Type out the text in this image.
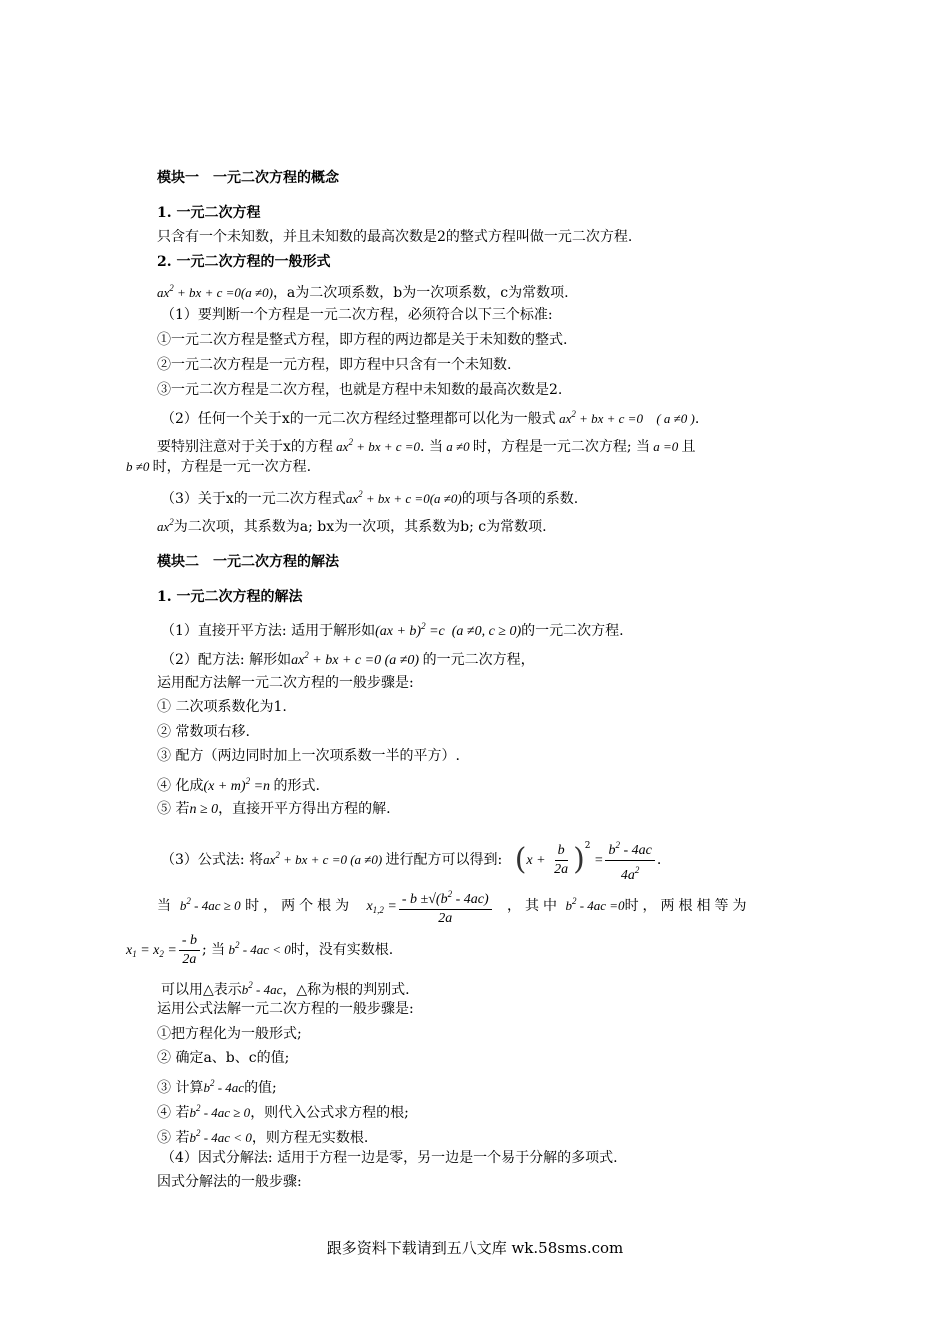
模块一　一元二次方程的概念
1. 一元二次方程
只含有一个未知数，并且未知数的最高次数是2的整式方程叫做一元二次方程.
2. 一元二次方程的一般形式
$ax^2$ + bx + c =0(a ≠0)，a为二次项系数，b为一次项系数，c为常数项.
（1）要判断一个方程是一元二次方程，必须符合以下三个标准:
①一元二次方程是整式方程，即方程的两边都是关于未知数的整式.
②一元二次方程是一元方程，即方程中只含有一个未知数.
③一元二次方程是二次方程，也就是方程中未知数的最高次数是2.
（2）任何一个关于x的一元二次方程经过整理都可以化为一般式 $ax^2$ + bx + c =0 ( a ≠0 ).
要特别注意对于关于x的方程 $ax^2$ + bx + c =0. 当 a ≠0 时，方程是一元二次方程; 当 a =0 且
b ≠0 时，方程是一元一次方程.
（3）关于x的一元二次方程式$ax^2$ + bx + c =0(a ≠0)的项与各项的系数.
$ax^2$为二次项，其系数为a; bx为一次项，其系数为b; c为常数项.
模块二　一元二次方程的解法
1. 一元二次方程的解法
（1）直接开平方法: 适用于解形如(ax + b)$^2$ =c  (a ≠0, c ≥ 0)的一元二次方程.
（2）配方法: 解形如$ax^2$ + bx + c =0 (a ≠0) 的一元二次方程，
运用配方法解一元二次方程的一般步骤是:
① 二次项系数化为1.
② 常数项右移.
③ 配方（两边同时加上一次项系数一半的平方）.
④ 化成$(x + m)^2 =n$ 的形式.
⑤ 若n ≥ 0，直接开平方得出方程的解.
（3）公式法: 将$ax^2$ + bx + c =0 (a ≠0) 进行配方可以得到: $(x + \frac{b}{2a} )^2 = \frac{b^2 - 4ac}{4a^2}$ .
当 $b^2 - 4ac \ge 0$ 时，两个根为 $x_{1,2} = \frac{- b \pm√(b^2 - 4ac)}{2a}$ ，其中 $b^2 - 4ac =0$时，两根相等为
$x_1 = x_2 = \frac{- b}{2a}$ ; 当 $b^2 - 4ac < 0$时，没有实数根.
可以用△表示$b^2 - 4ac$，△称为根的判别式.
运用公式法解一元二次方程的一般步骤是:
①把方程化为一般形式;
② 确定a、b、c的值;
③ 计算$b^2 - 4ac$的值;
④ 若$b^2 - 4ac \ge 0$，则代入公式求方程的根;
⑤ 若$b^2 - 4ac < 0$，则方程无实数根.
（4）因式分解法: 适用于方程一边是零，另一边是一个易于分解的多项式.
因式分解法的一般步骤:
跟多资料下载请到五八文库 wk.58sms.com
